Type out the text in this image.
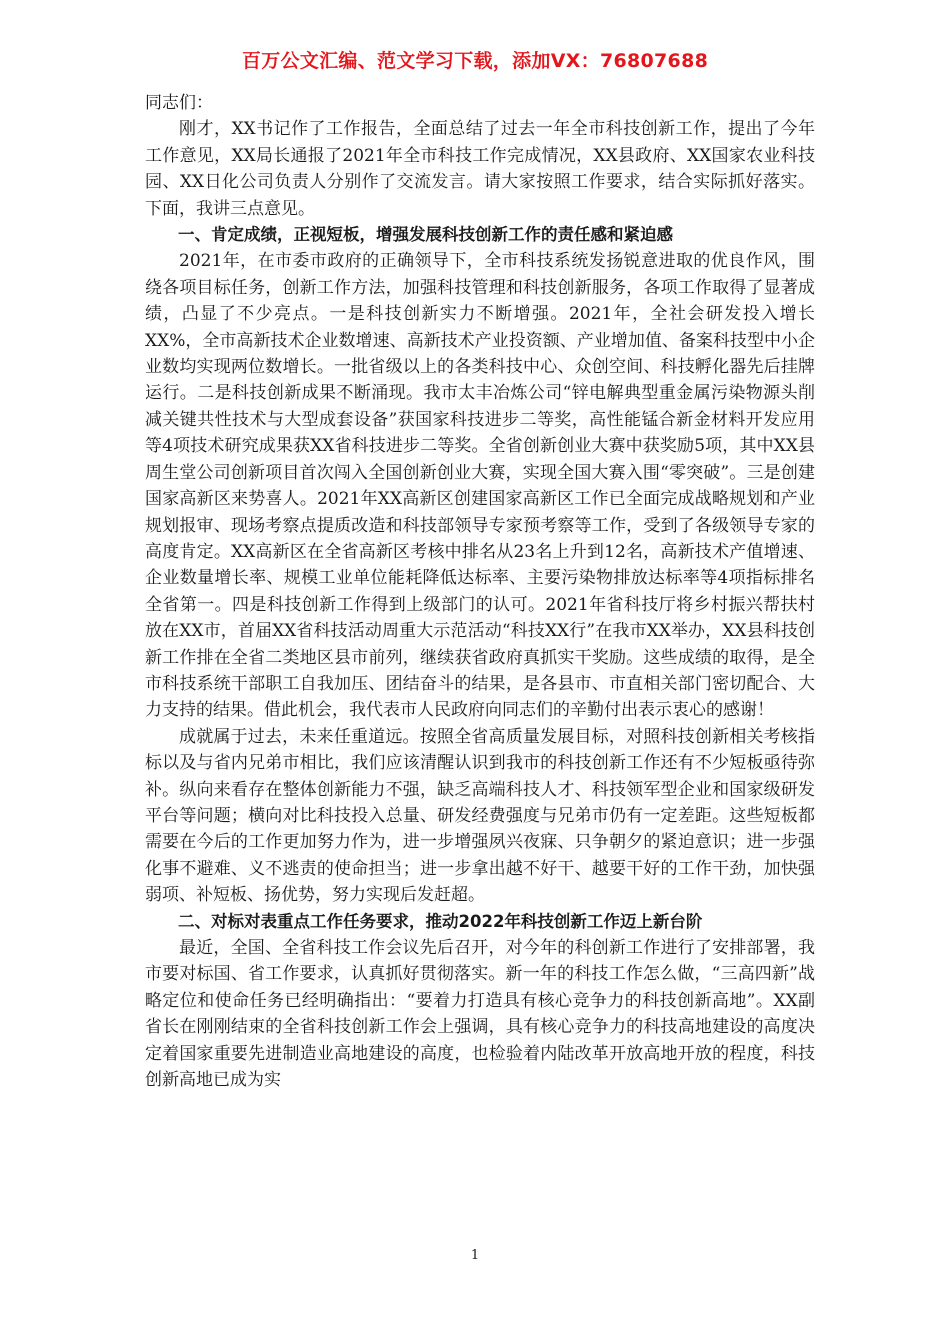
百万公文汇编、范文学习下载，添加VX：76807688

同志们：

刚才，XX书记作了工作报告，全面总结了过去一年全市科技创新工作，提出了今年工作意见，XX局长通报了2021年全市科技工作完成情况，XX县政府、XX国家农业科技园、XX日化公司负责人分别作了交流发言。请大家按照工作要求，结合实际抓好落实。下面，我讲三点意见。

一、肯定成绩，正视短板，增强发展科技创新工作的责任感和紧迫感

2021年，在市委市政府的正确领导下，全市科技系统发扬锐意进取的优良作风，围绕各项目标任务，创新工作方法，加强科技管理和科技创新服务，各项工作取得了显著成绩，凸显了不少亮点。一是科技创新实力不断增强。2021年，全社会研发投入增长XX%，全市高新技术企业数增速、高新技术产业投资额、产业增加值、备案科技型中小企业数均实现两位数增长。一批省级以上的各类科技中心、众创空间、科技孵化器先后挂牌运行。二是科技创新成果不断涌现。我市太丰冶炼公司“锌电解典型重金属污染物源头削减关键共性技术与大型成套设备”获国家科技进步二等奖，高性能锰合新金材料开发应用等4项技术研究成果获XX省科技进步二等奖。全省创新创业大赛中获奖励5项，其中XX县周生堂公司创新项目首次闯入全国创新创业大赛，实现全国大赛入围“零突破”。三是创建国家高新区来势喜人。2021年XX高新区创建国家高新区工作已全面完成战略规划和产业规划报审、现场考察点提质改造和科技部领导专家预考察等工作，受到了各级领导专家的高度肯定。XX高新区在全省高新区考核中排名从23名上升到12名，高新技术产值增速、企业数量增长率、规模工业单位能耗降低达标率、主要污染物排放达标率等4项指标排名全省第一。四是科技创新工作得到上级部门的认可。2021年省科技厅将乡村振兴帮扶村放在XX市，首届XX省科技活动周重大示范活动“科技XX行”在我市XX举办，XX县科技创新工作排在全省二类地区县市前列，继续获省政府真抓实干奖励。这些成绩的取得，是全市科技系统干部职工自我加压、团结奋斗的结果，是各县市、市直相关部门密切配合、大力支持的结果。借此机会，我代表市人民政府向同志们的辛勤付出表示衷心的感谢！

成就属于过去，未来任重道远。按照全省高质量发展目标，对照科技创新相关考核指标以及与省内兄弟市相比，我们应该清醒认识到我市的科技创新工作还有不少短板亟待弥补。纵向来看存在整体创新能力不强，缺乏高端科技人才、科技领军型企业和国家级研发平台等问题；横向对比科技投入总量、研发经费强度与兄弟市仍有一定差距。这些短板都需要在今后的工作更加努力作为，进一步增强夙兴夜寐、只争朝夕的紧迫意识；进一步强化事不避难、义不逃责的使命担当；进一步拿出越不好干、越要干好的工作干劲，加快强弱项、补短板、扬优势，努力实现后发赶超。

二、对标对表重点工作任务要求，推动2022年科技创新工作迈上新台阶

最近，全国、全省科技工作会议先后召开，对今年的科创新工作进行了安排部署，我市要对标国、省工作要求，认真抓好贯彻落实。新一年的科技工作怎么做，“三高四新”战略定位和使命任务已经明确指出：“要着力打造具有核心竞争力的科技创新高地”。XX副省长在刚刚结束的全省科技创新工作会上强调，具有核心竞争力的科技高地建设的高度决定着国家重要先进制造业高地建设的高度，也检验着内陆改革开放高地开放的程度，科技创新高地已成为实

1
